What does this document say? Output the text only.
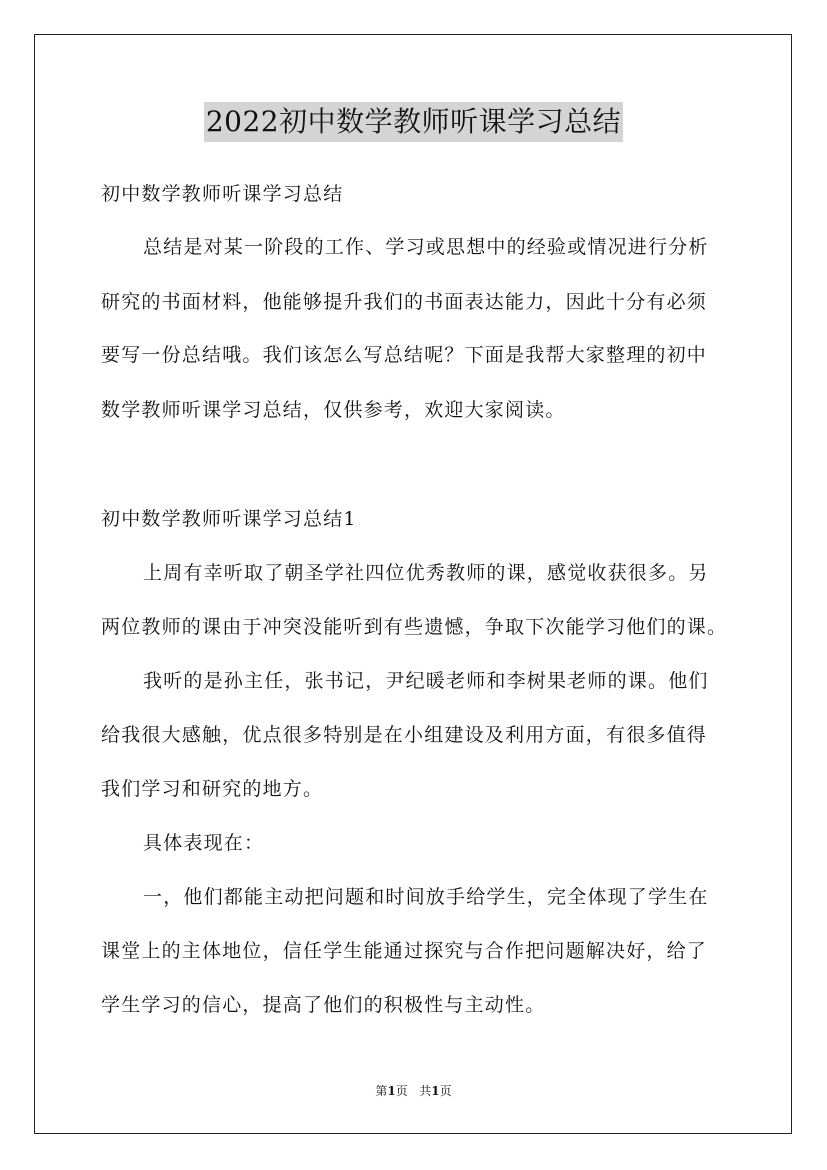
2022初中数学教师听课学习总结
初中数学教师听课学习总结
总结是对某一阶段的工作、学习或思想中的经验或情况进行分析
研究的书面材料，他能够提升我们的书面表达能力，因此十分有必须
要写一份总结哦。我们该怎么写总结呢？下面是我帮大家整理的初中
数学教师听课学习总结，仅供参考，欢迎大家阅读。
初中数学教师听课学习总结1
上周有幸听取了朝圣学社四位优秀教师的课，感觉收获很多。另
两位教师的课由于冲突没能听到有些遗憾，争取下次能学习他们的课。
我听的是孙主任，张书记，尹纪暖老师和李树果老师的课。他们
给我很大感触，优点很多特别是在小组建设及利用方面，有很多值得
我们学习和研究的地方。
具体表现在：
一，他们都能主动把问题和时间放手给学生，完全体现了学生在
课堂上的主体地位，信任学生能通过探究与合作把问题解决好，给了
学生学习的信心，提高了他们的积极性与主动性。
第1页 共1页
